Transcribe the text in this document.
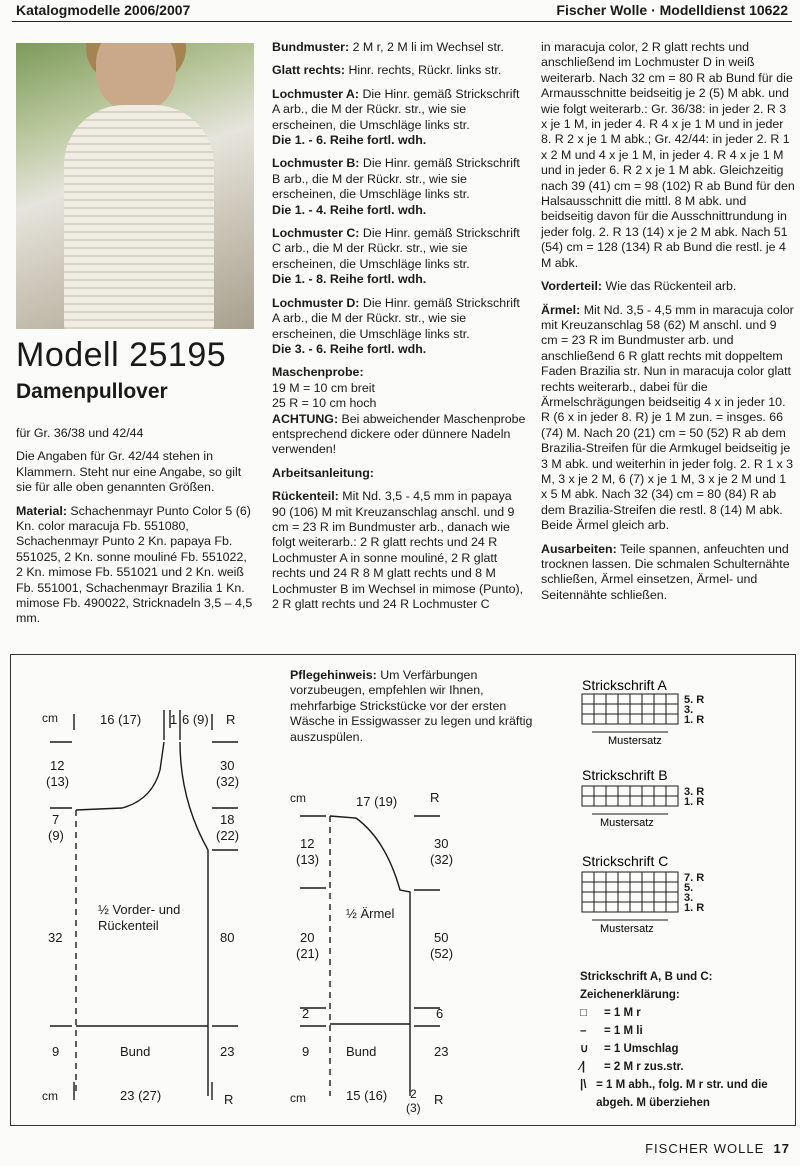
Katalogmodelle 2006/2007	Fischer Wolle · Modelldienst 10622
Modell 25195
Damenpullover

für Gr. 36/38 und 42/44

Die Angaben für Gr. 42/44 stehen in Klammern. Steht nur eine Angabe, so gilt sie für alle oben genannten Größen.

Material: Schachenmayr Punto Color 5 (6) Kn. color maracuja Fb. 551080, Schachenmayr Punto 2 Kn. papaya Fb. 551025, 2 Kn. sonne mouliné Fb. 551022, 2 Kn. mimose Fb. 551021 und 2 Kn. weiß Fb. 551001, Schachenmayr Brazilia 1 Kn. mimose Fb. 490022, Stricknadeln 3,5 – 4,5 mm.

Bundmuster: 2 M r, 2 M li im Wechsel str.

Glatt rechts: Hinr. rechts, Rückr. links str.

Lochmuster A: Die Hinr. gemäß Strickschrift A arb., die M der Rückr. str., wie sie erscheinen, die Umschläge links str.
Die 1. - 6. Reihe fortl. wdh.

Lochmuster B: Die Hinr. gemäß Strickschrift B arb., die M der Rückr. str., wie sie erscheinen, die Umschläge links str.
Die 1. - 4. Reihe fortl. wdh.

Lochmuster C: Die Hinr. gemäß Strickschrift C arb., die M der Rückr. str., wie sie erscheinen, die Umschläge links str.
Die 1. - 8. Reihe fortl. wdh.

Lochmuster D: Die Hinr. gemäß Strickschrift A arb., die M der Rückr. str., wie sie erscheinen, die Umschläge links str.
Die 3. - 6. Reihe fortl. wdh.

Maschenprobe:
19 M = 10 cm breit
25 R = 10 cm hoch
ACHTUNG: Bei abweichender Maschenprobe entsprechend dickere oder dünnere Nadeln verwenden!

Arbeitsanleitung:

Rückenteil: Mit Nd. 3,5 - 4,5 mm in papaya 90 (106) M mit Kreuzanschlag anschl. und 9 cm = 23 R im Bundmuster arb., danach wie folgt weiterarb.: 2 R glatt rechts und 24 R Lochmuster A in sonne mouliné, 2 R glatt rechts und 24 R 8 M glatt rechts und 8 M Lochmuster B im Wechsel in mimose (Punto), 2 R glatt rechts und 24 R Lochmuster C

in maracuja color, 2 R glatt rechts und anschließend im Lochmuster D in weiß weiterarb. Nach 32 cm = 80 R ab Bund für die Armausschnitte beidseitig je 2 (5) M abk. und wie folgt weiterarb.: Gr. 36/38: in jeder 2. R 3 x je 1 M, in jeder 4. R 4 x je 1 M und in jeder 8. R 2 x je 1 M abk.; Gr. 42/44: in jeder 2. R 1 x 2 M und 4 x je 1 M, in jeder 4. R 4 x je 1 M und in jeder 6. R 2 x je 1 M abk. Gleichzeitig nach 39 (41) cm = 98 (102) R ab Bund für den Halsausschnitt die mittl. 8 M abk. und beidseitig davon für die Ausschnittrundung in jeder folg. 2. R 13 (14) x je 2 M abk. Nach 51 (54) cm = 128 (134) R ab Bund die restl. je 4 M abk.

Vorderteil: Wie das Rückenteil arb.

Ärmel: Mit Nd. 3,5 - 4,5 mm in maracuja color mit Kreuzanschlag 58 (62) M anschl. und 9 cm = 23 R im Bundmuster arb. und anschließend 6 R glatt rechts mit doppeltem Faden Brazilia str. Nun in maracuja color glatt rechts weiterarb., dabei für die Ärmelschrägungen beidseitig 4 x in jeder 10. R (6 x in jeder 8. R) je 1 M zun. = insges. 66 (74) M. Nach 20 (21) cm = 50 (52) R ab dem Brazilia-Streifen für die Armkugel beidseitig je 3 M abk. und weiterhin in jeder folg. 2. R 1 x 3 M, 3 x je 2 M, 6 (7) x je 1 M, 3 x je 2 M und 1 x 5 M abk. Nach 32 (34) cm = 80 (84) R ab dem Brazilia-Streifen die restl. 8 (14) M abk. Beide Ärmel gleich arb.

Ausarbeiten: Teile spannen, anfeuchten und trocknen lassen. Die schmalen Schulternähte schließen, Ärmel einsetzen, Ärmel- und Seitennähte schließen.

Pflegehinweis: Um Verfärbungen vorzubeugen, empfehlen wir Ihnen, mehrfarbige Strickstücke vor der ersten Wäsche in Essigwasser zu legen und kräftig auszuspülen.
cm	16 (17) 1 6 (9) R
12
(13)
7
(9)
32
9
30
(32)
18
(22)
80
23
½ Vorder- und
Rückenteil
Bund
23 (27)
cm	R
cm	17 (19)	R
12
(13)
20
(21)
2
9
30
(32)
50
(52)
6
23
½ Ärmel
Bund
15 (16) 2
(3)
cm	R
Strickschrift A
5. R
3.
1. R
Mustersatz
Strickschrift B
3. R
1. R
Mustersatz
Strickschrift C
7. R
5.
3.
1. R
Mustersatz
Strickschrift A, B und C:
Zeichenerklärung:
□	= 1 M r
–	= 1 M li
∪	= 1 Umschlag
⁄|	= 2 M r zus.str.
|\ = 1 M abh., folg. M r str. und die abgeh. M überziehen
FISCHER WOLLE 17
